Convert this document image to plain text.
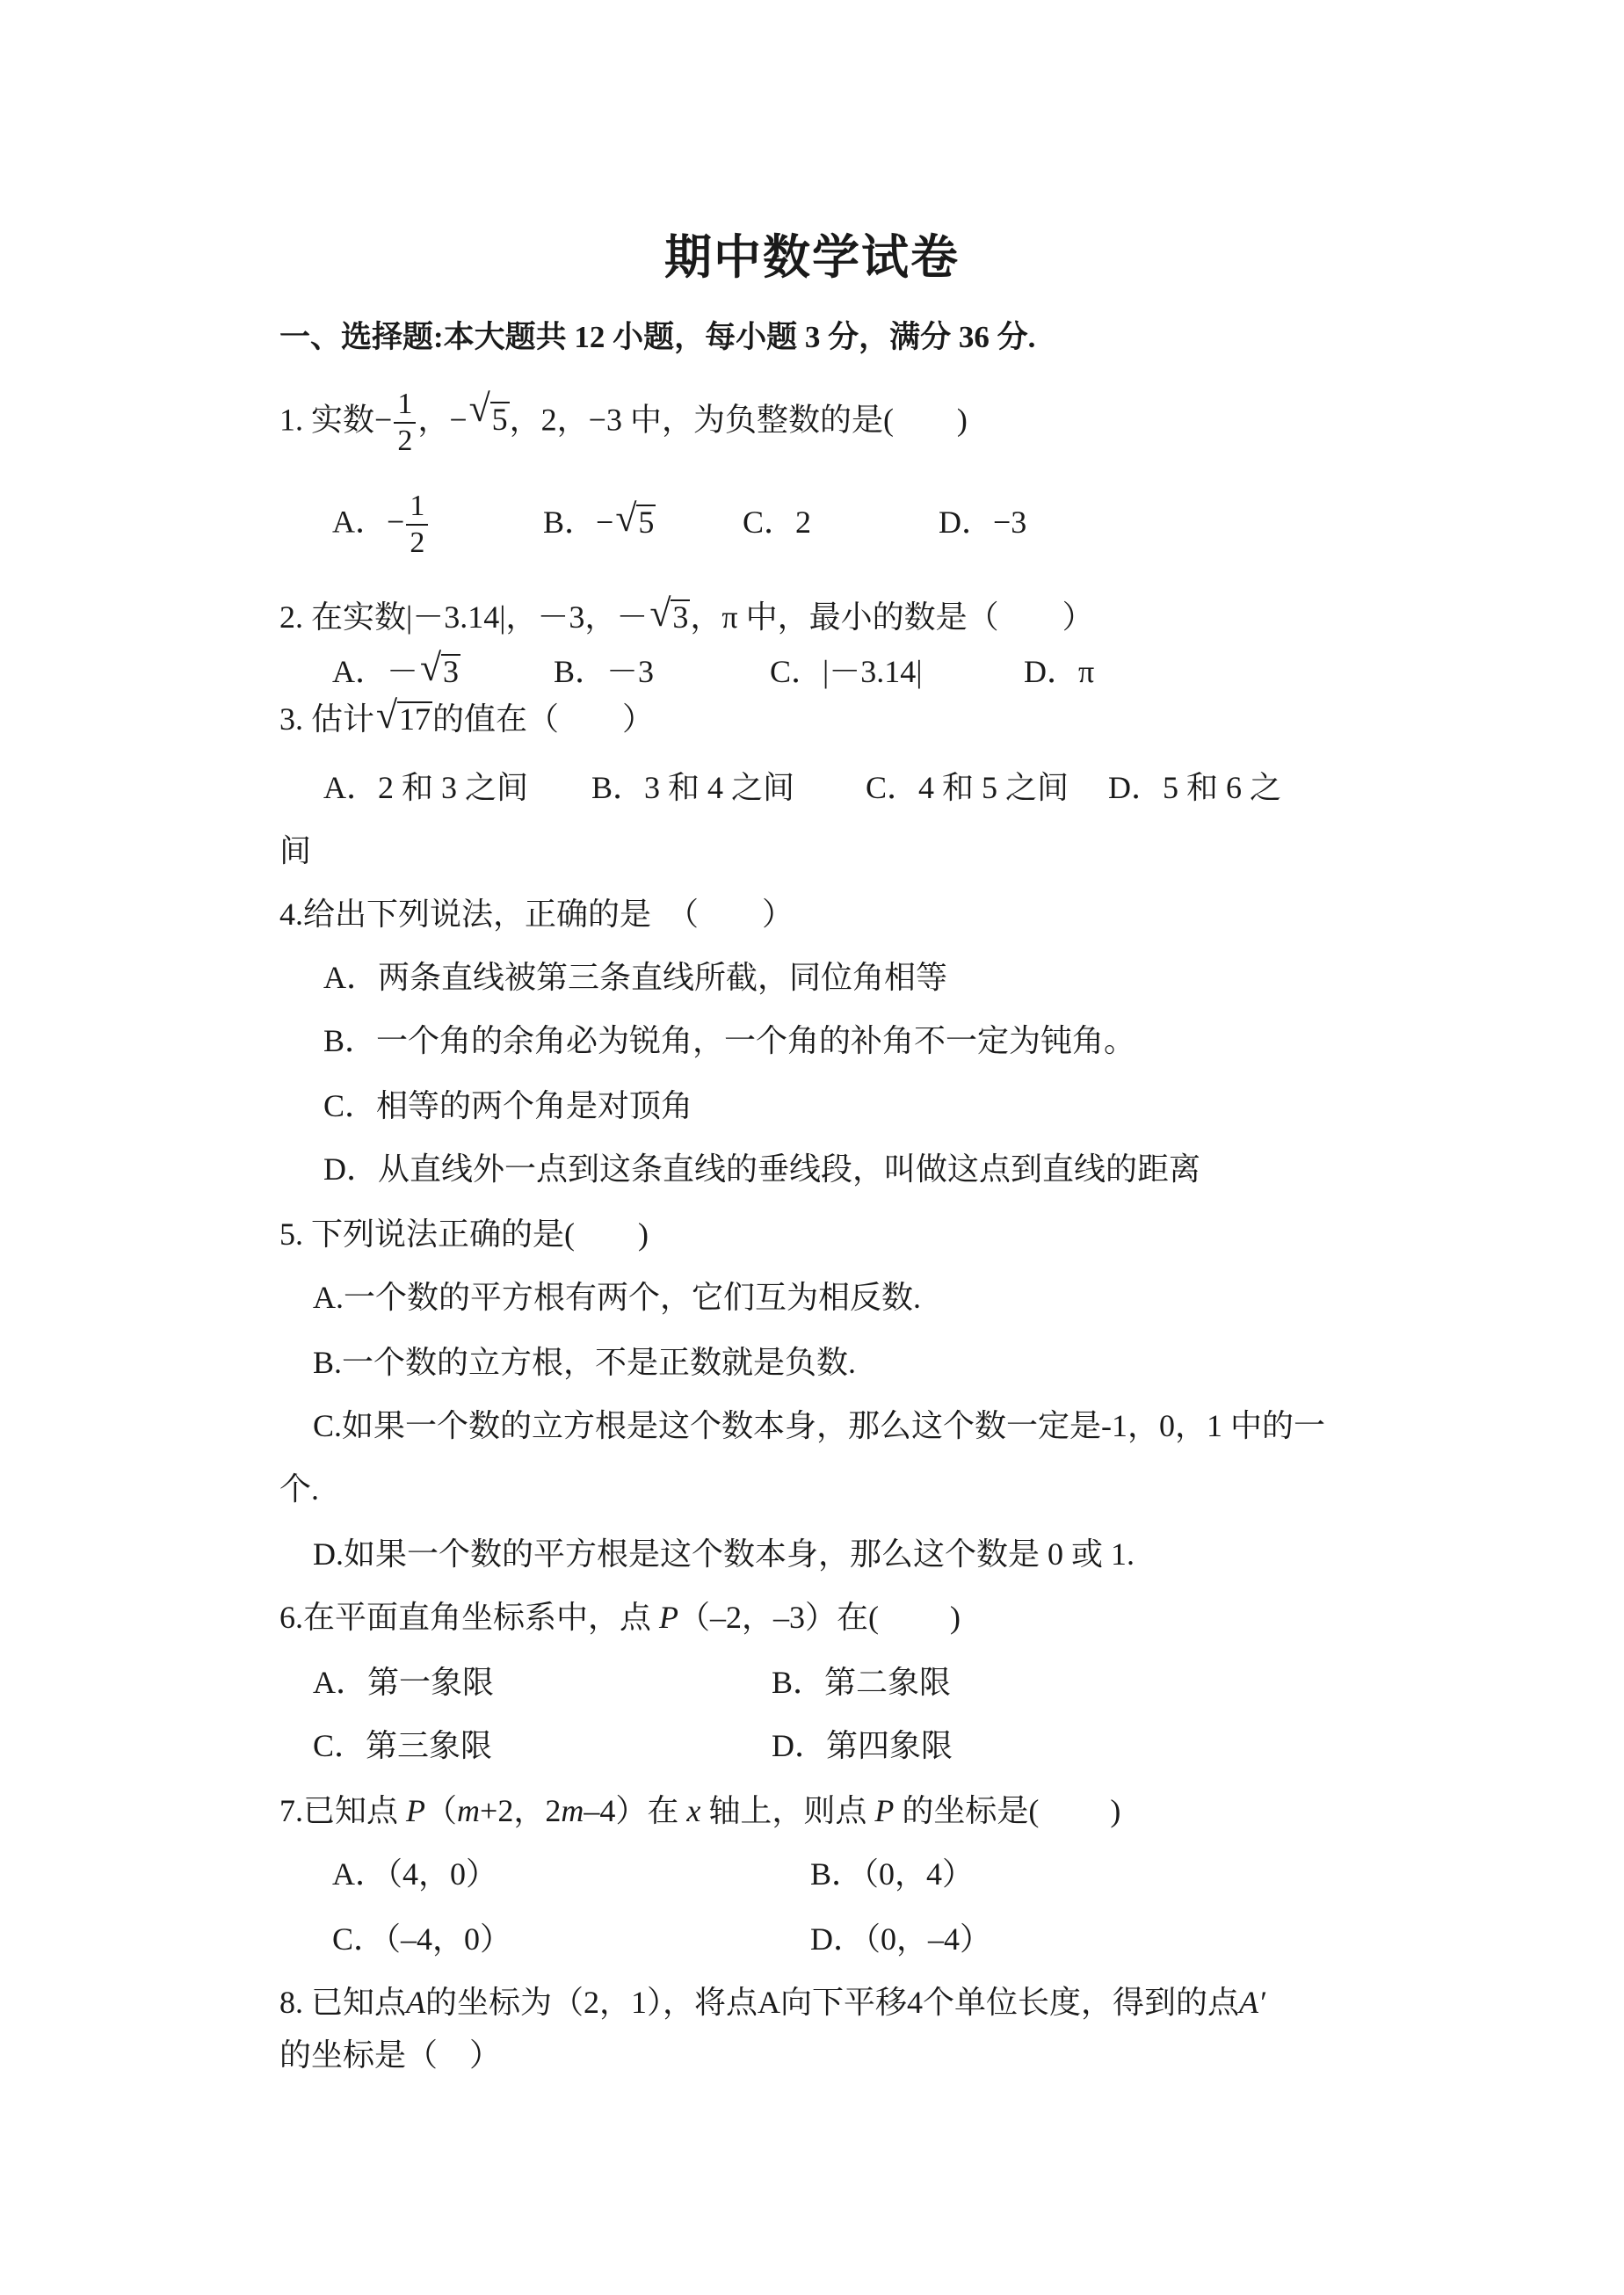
期中数学试卷
一、选择题:本大题共 12 小题，每小题 3 分，满分 36 分.
1. 实数− $\frac{1}{2}$ ，− √ 5，2，−3 中，为负整数的是(　　)
A．− $\frac{1}{2}$	B．− √ 5	C．2	D．−3
2. 在实数|－3.14|，－3，－ √ 3，π 中，最小的数是（　　）
A．－ √ 3	B．－3	C．|－3.14|	D．π
3. 估计 √ 17的值在（　　）
A．2 和 3 之间　　B．3 和 4 之间　　 C．4 和 5 之间　 D．5 和 6 之
间
4.给出下列说法，正确的是　（　　）
A．两条直线被第三条直线所截，同位角相等
B．一个角的余角必为锐角，一个角的补角不一定为钝角。
C．相等的两个角是对顶角
D．从直线外一点到这条直线的垂线段，叫做这点到直线的距离
5. 下列说法正确的是(　　)
A.一个数的平方根有两个，它们互为相反数.
B.一个数的立方根，不是正数就是负数.
C.如果一个数的立方根是这个数本身，那么这个数一定是-1，0，1 中的一
个.
D.如果一个数的平方根是这个数本身，那么这个数是 0 或 1.
6.在平面直角坐标系中，点 P（–2，–3）在(　　 )
A．第一象限	B．第二象限
C．第三象限	D．第四象限
7.已知点 P（m+2，2m–4）在 x 轴上，则点 P 的坐标是(　　 )
A．（4，0）	B．（0，4）
C．（–4，0）	D．（0，–4）
8. 已知点A的坐标为（2，1），将点A向下平移4个单位长度，得到的点A′
的坐标是（　）
